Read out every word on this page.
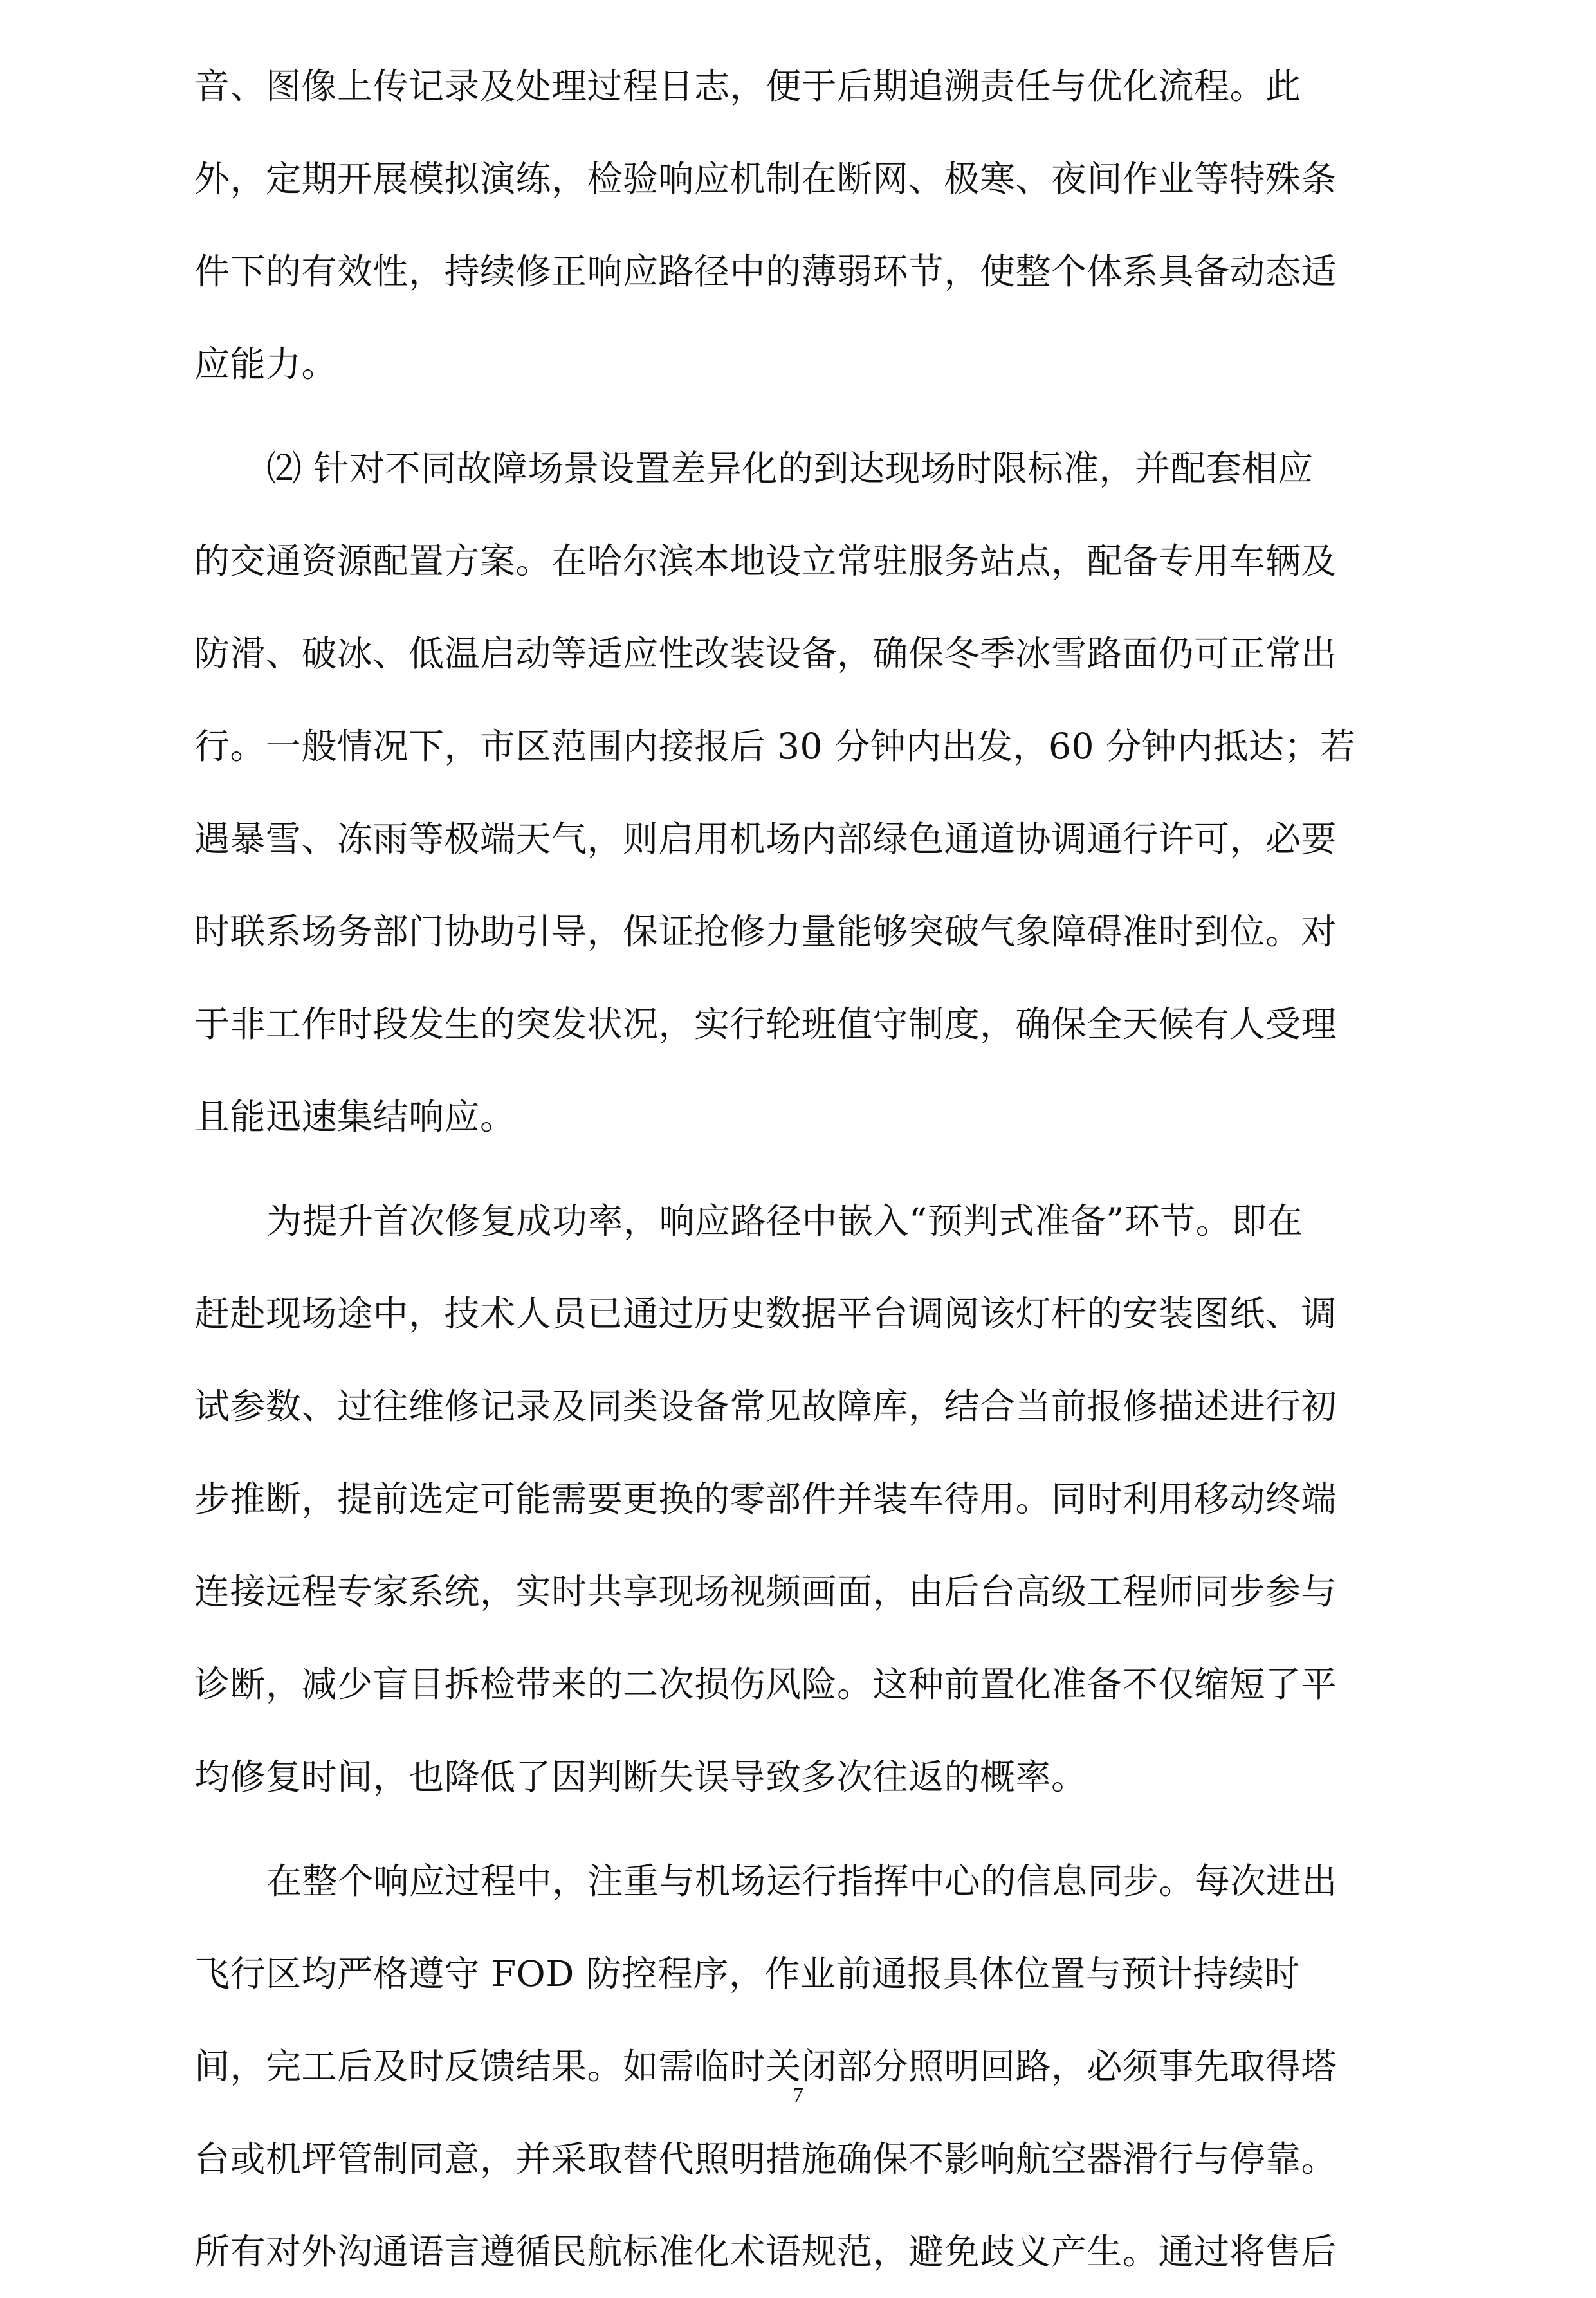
音、图像上传记录及处理过程日志，便于后期追溯责任与优化流程。此
外，定期开展模拟演练，检验响应机制在断网、极寒、夜间作业等特殊条
件下的有效性，持续修正响应路径中的薄弱环节，使整个体系具备动态适
应能力。
⑵ 针对不同故障场景设置差异化的到达现场时限标准，并配套相应
的交通资源配置方案。在哈尔滨本地设立常驻服务站点，配备专用车辆及
防滑、破冰、低温启动等适应性改装设备，确保冬季冰雪路面仍可正常出
行。一般情况下，市区范围内接报后 30 分钟内出发，60 分钟内抵达；若
遇暴雪、冻雨等极端天气，则启用机场内部绿色通道协调通行许可，必要
时联系场务部门协助引导，保证抢修力量能够突破气象障碍准时到位。对
于非工作时段发生的突发状况，实行轮班值守制度，确保全天候有人受理
且能迅速集结响应。
为提升首次修复成功率，响应路径中嵌入“预判式准备”环节。即在
赶赴现场途中，技术人员已通过历史数据平台调阅该灯杆的安装图纸、调
试参数、过往维修记录及同类设备常见故障库，结合当前报修描述进行初
步推断，提前选定可能需要更换的零部件并装车待用。同时利用移动终端
连接远程专家系统，实时共享现场视频画面，由后台高级工程师同步参与
诊断，减少盲目拆检带来的二次损伤风险。这种前置化准备不仅缩短了平
均修复时间，也降低了因判断失误导致多次往返的概率。
在整个响应过程中，注重与机场运行指挥中心的信息同步。每次进出
飞行区均严格遵守 FOD 防控程序，作业前通报具体位置与预计持续时
间，完工后及时反馈结果。如需临时关闭部分照明回路，必须事先取得塔
台或机坪管制同意，并采取替代照明措施确保不影响航空器滑行与停靠。
所有对外沟通语言遵循民航标准化术语规范，避免歧义产生。通过将售后
7
